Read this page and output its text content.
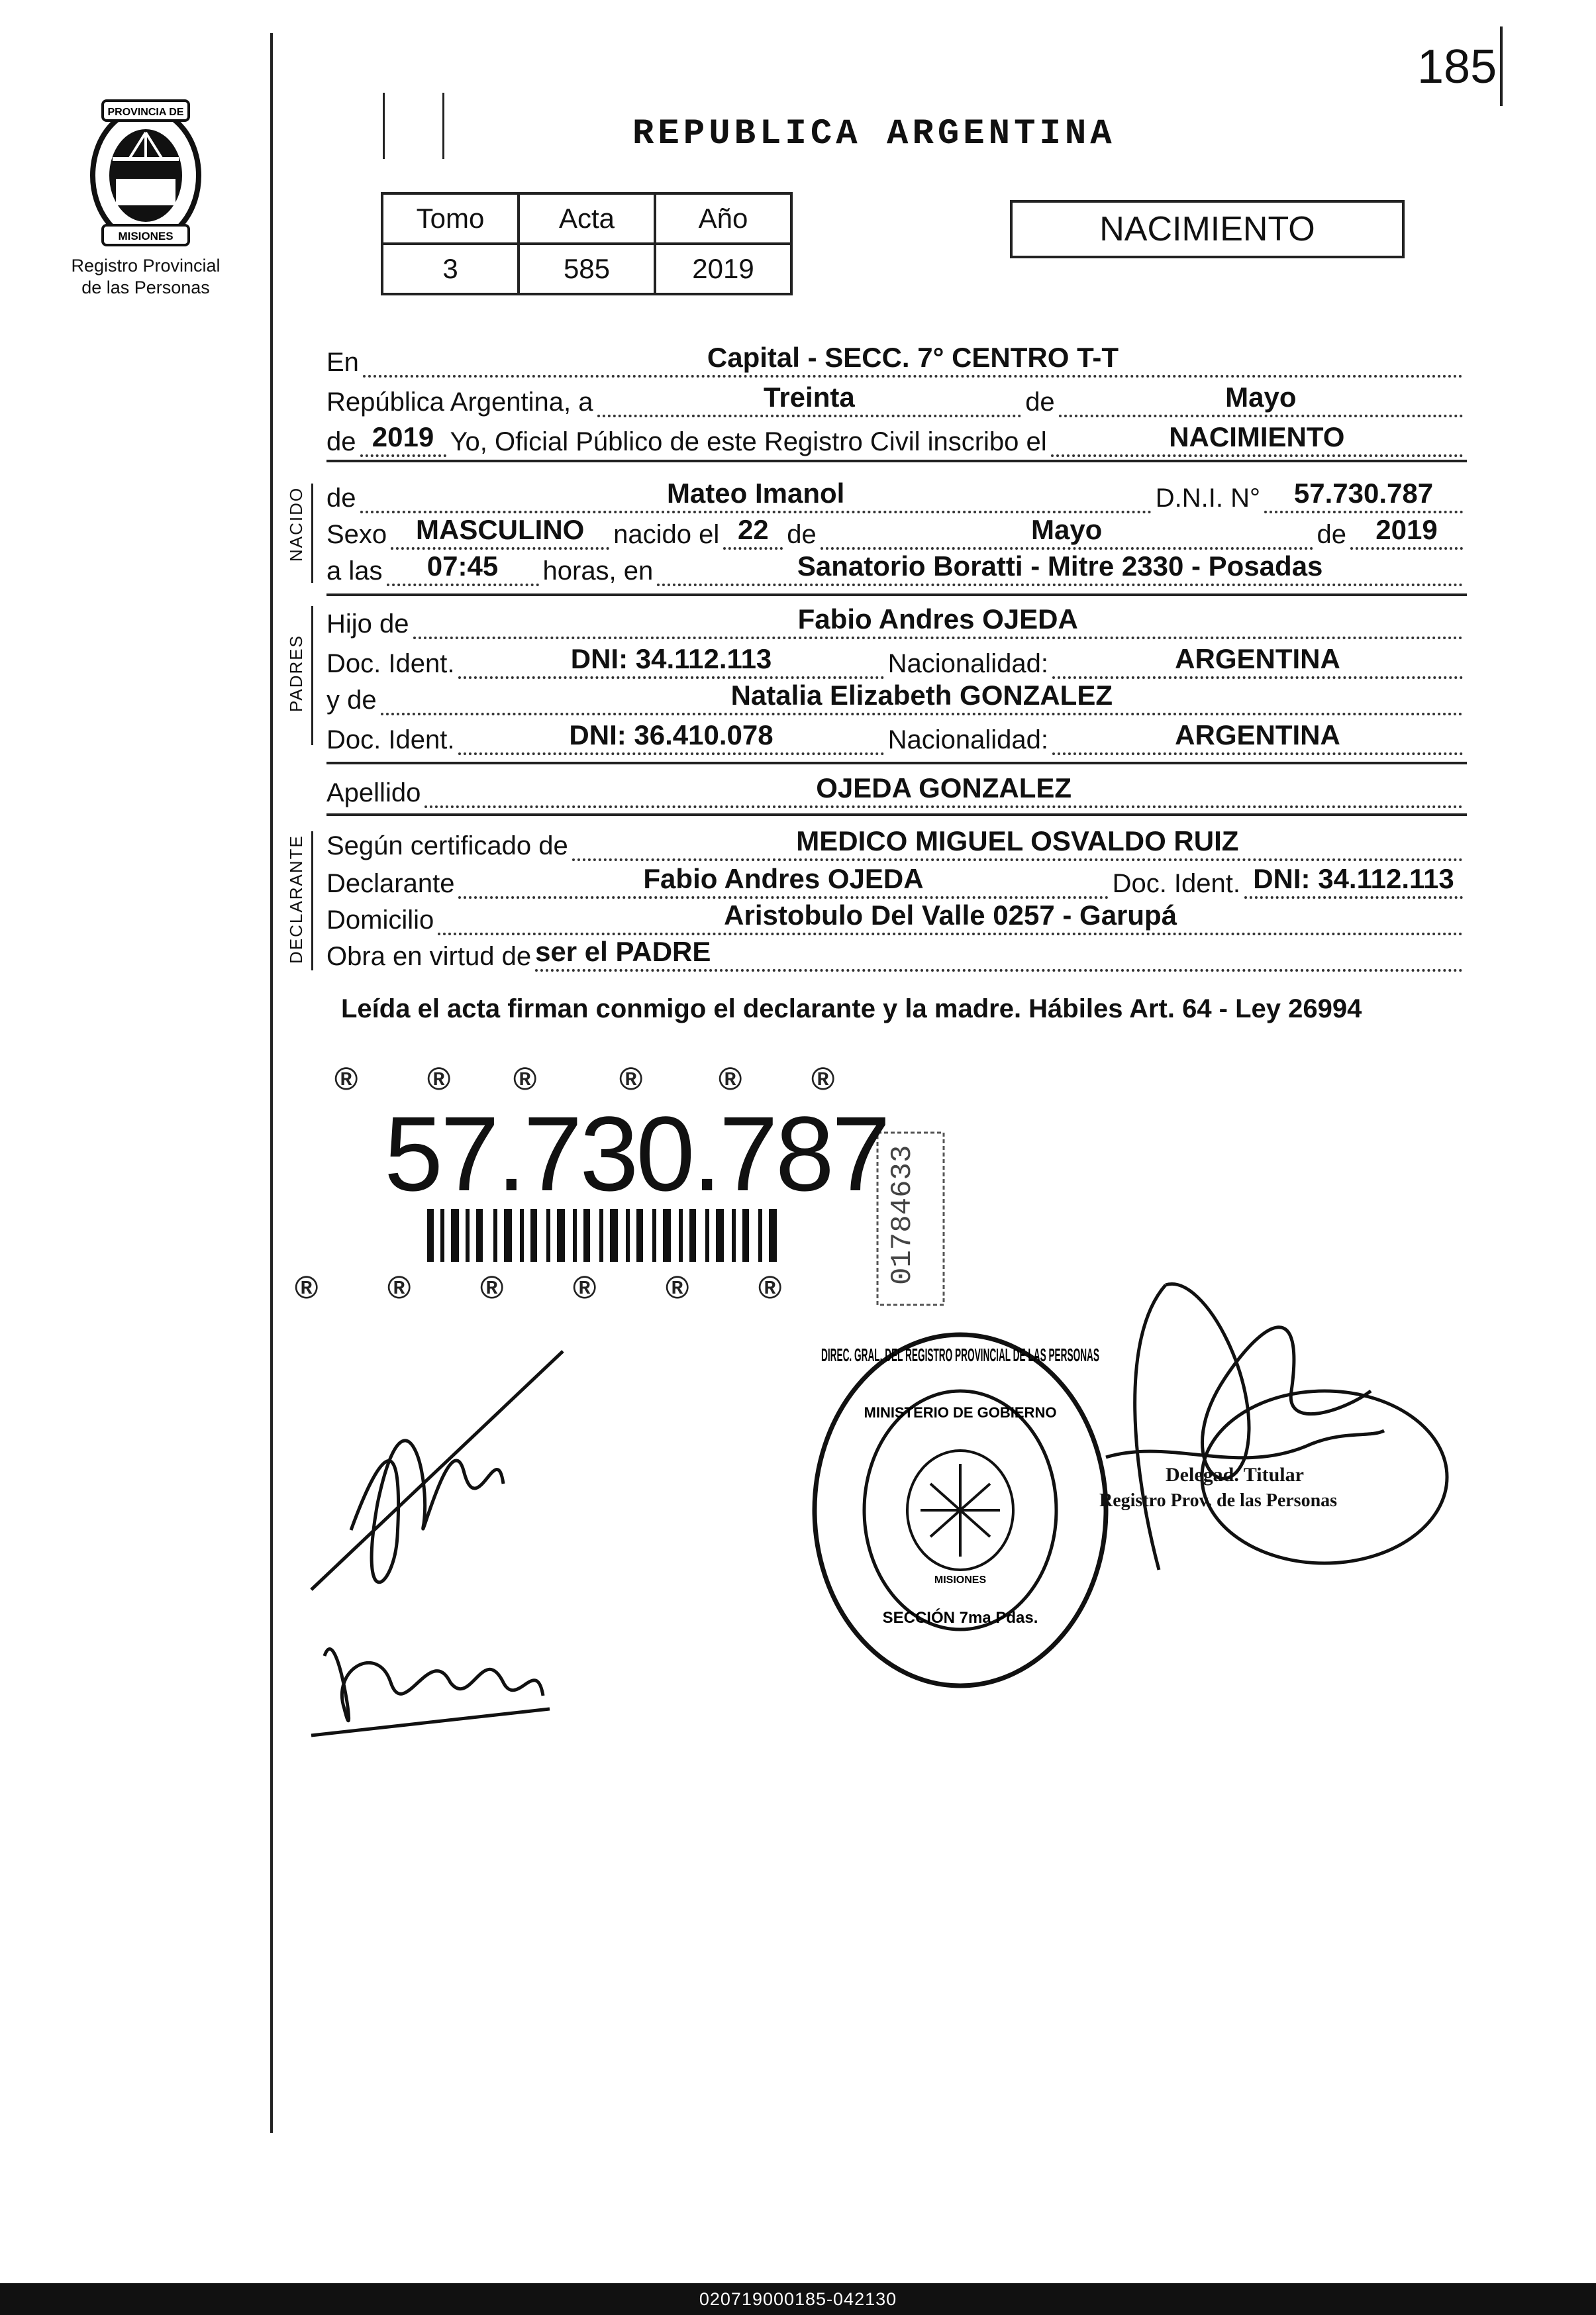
185
PROVINCIA DE
MISIONES
Registro Provincial
de las Personas
REPUBLICA ARGENTINA
Tomo	Acta	Año
3	585	2019
NACIMIENTO
En	Capital - SECC. 7° CENTRO T-T
República Argentina, a	Treinta	de	Mayo
de 2019 Yo, Oficial Público de este Registro Civil inscribo el	NACIMIENTO
NACIDO de	Mateo Imanol	D.N.I. N°	57.730.787
Sexo	MASCULINO	nacido el 22 de	Mayo	de	2019
a las	07:45	horas, en	Sanatorio Boratti - Mitre 2330 - Posadas
PADRES
Hijo de	Fabio Andres OJEDA
Doc. Ident.	DNI: 34.112.113	Nacionalidad:	ARGENTINA
y de	Natalia Elizabeth GONZALEZ
Doc. Ident.	DNI: 36.410.078	Nacionalidad:	ARGENTINA
Apellido	OJEDA GONZALEZ
DECLARANTE Según certificado de	MEDICO MIGUEL OSVALDO RUIZ
Declarante	Fabio Andres OJEDA	Doc. Ident. DNI: 34.112.113
Domicilio	Aristobulo Del Valle 0257 - Garupá
Obra en virtud de ser el PADRE
Leída el acta firman conmigo el declarante y la madre. Hábiles Art. 64 - Ley 26994
® ® ®	® ® ®
® ® ® ® ® ®
57.730.787
01784633
DIREC. GRAL. DEL REGISTRO PROVINCIAL DE LAS PERSONAS
MINISTERIO DE GOBIERNO
MISIONES
SECCIÓN 7ma Pdas.
Delegad. Titular
Registro Prov. de las Personas
020719000185-042130
